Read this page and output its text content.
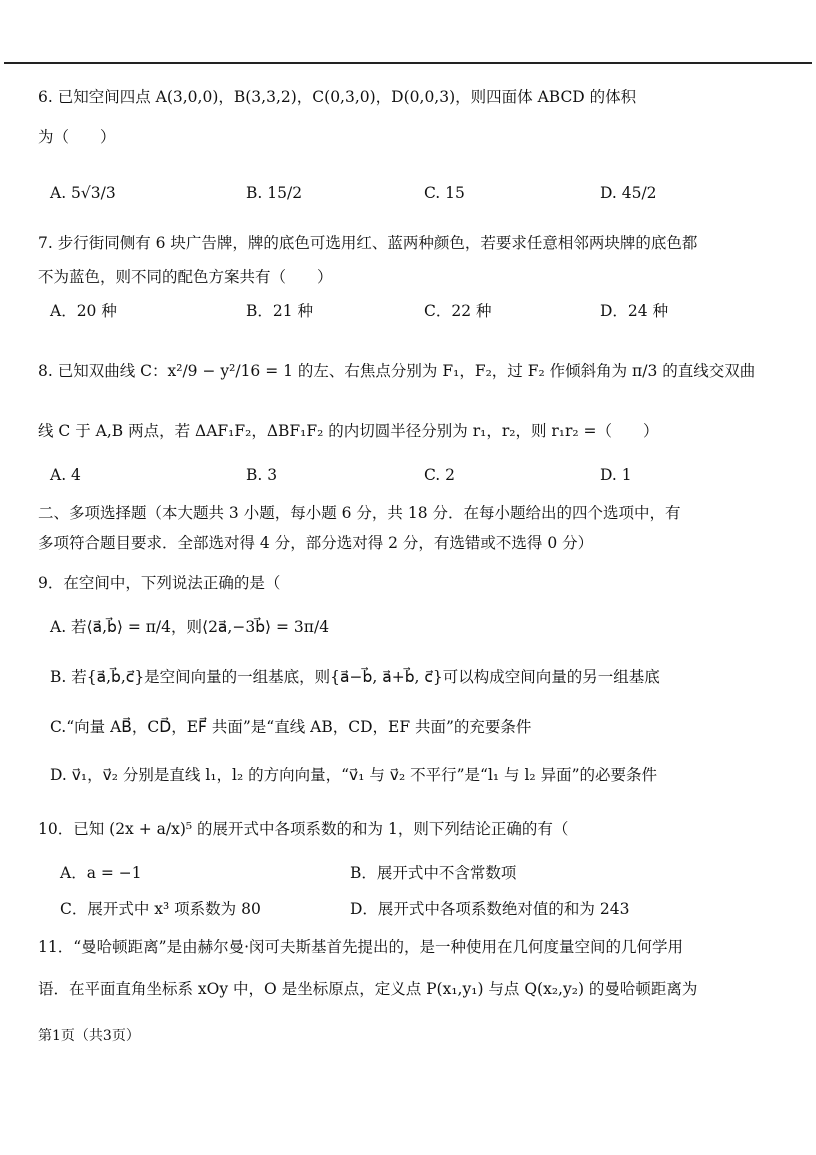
6. 已知空间四点 A(3,0,0)，B(3,3,2)，C(0,3,0)，D(0,0,3)，则四面体 ABCD 的体积
为（　　）
A. 5√3/3	B. 15/2	C. 15	D. 45/2
7. 步行街同侧有 6 块广告牌，牌的底色可选用红、蓝两种颜色，若要求任意相邻两块牌的底色都
不为蓝色，则不同的配色方案共有（　　）
A．20 种	B．21 种	C．22 种	D．24 种
8. 已知双曲线 C：x²/9 − y²/16 = 1 的左、右焦点分别为 F₁，F₂，过 F₂ 作倾斜角为 π/3 的直线交双曲
线 C 于 A,B 两点，若 ΔAF₁F₂，ΔBF₁F₂ 的内切圆半径分别为 r₁，r₂，则 r₁r₂ =（　　）
A. 4	B. 3	C. 2	D. 1
二、多项选择题（本大题共 3 小题，每小题 6 分，共 18 分．在每小题给出的四个选项中，有
多项符合题目要求．全部选对得 4 分，部分选对得 2 分，有选错或不选得 0 分）
9．在空间中，下列说法正确的是（
A. 若⟨a⃗,b⃗⟩ = π/4，则⟨2a⃗,−3b⃗⟩ = 3π/4
B. 若{a⃗,b⃗,c⃗}是空间向量的一组基底，则{a⃗−b⃗, a⃗+b⃗, c⃗}可以构成空间向量的另一组基底
C.“向量 AB⃗，CD⃗，EF⃗ 共面”是“直线 AB，CD，EF 共面”的充要条件
D. v⃗₁，v⃗₂ 分别是直线 l₁，l₂ 的方向向量，“v⃗₁ 与 v⃗₂ 不平行”是“l₁ 与 l₂ 异面”的必要条件
10．已知 (2x + a/x)⁵ 的展开式中各项系数的和为 1，则下列结论正确的有（
A．a = −1	B．展开式中不含常数项
C．展开式中 x³ 项系数为 80	D．展开式中各项系数绝对值的和为 243
11．“曼哈顿距离”是由赫尔曼·闵可夫斯基首先提出的，是一种使用在几何度量空间的几何学用
语．在平面直角坐标系 xOy 中，O 是坐标原点，定义点 P(x₁,y₁) 与点 Q(x₂,y₂) 的曼哈顿距离为
第1页（共3页）
